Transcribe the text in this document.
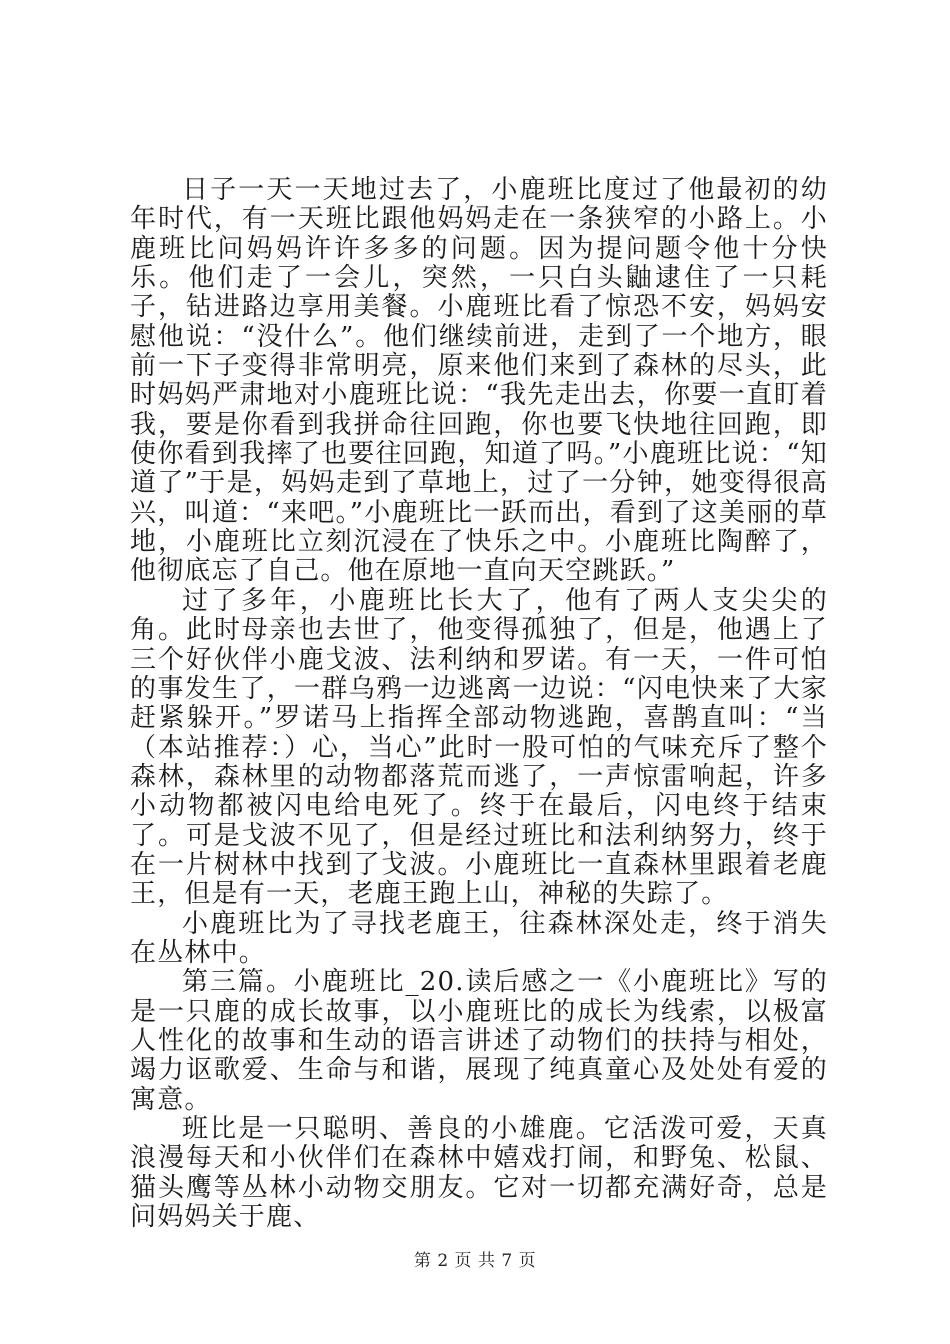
日子一天一天地过去了，小鹿班比度过了他最初的幼年时代，有一天班比跟他妈妈走在一条狭窄的小路上。小鹿班比问妈妈许许多多的问题。因为提问题令他十分快乐。他们走了一会儿，突然，一只白头鼬逮住了一只耗子，钻进路边享用美餐。小鹿班比看了惊恐不安，妈妈安慰他说：“没什么”。他们继续前进，走到了一个地方，眼前一下子变得非常明亮，原来他们来到了森林的尽头，此时妈妈严肃地对小鹿班比说：“我先走出去，你要一直盯着我，要是你看到我拼命往回跑，你也要飞快地往回跑，即使你看到我摔了也要往回跑，知道了吗。”小鹿班比说：“知道了”于是，妈妈走到了草地上，过了一分钟，她变得很高兴，叫道：“来吧。”小鹿班比一跃而出，看到了这美丽的草地，小鹿班比立刻沉浸在了快乐之中。小鹿班比陶醉了，他彻底忘了自己。他在原地一直向天空跳跃。”

过了多年，小鹿班比长大了，他有了两人支尖尖的角。此时母亲也去世了，他变得孤独了，但是，他遇上了三个好伙伴小鹿戈波、法利纳和罗诺。有一天，一件可怕的事发生了，一群乌鸦一边逃离一边说：“闪电快来了大家赶紧躲开。”罗诺马上指挥全部动物逃跑，喜鹊直叫：“当（本站推荐：）心，当心”此时一股可怕的气味充斥了整个森林，森林里的动物都落荒而逃了，一声惊雷响起，许多小动物都被闪电给电死了。终于在最后，闪电终于结束了。可是戈波不见了，但是经过班比和法利纳努力，终于在一片树林中找到了戈波。小鹿班比一直森林里跟着老鹿王，但是有一天，老鹿王跑上山，神秘的失踪了。

小鹿班比为了寻找老鹿王，往森林深处走，终于消失在丛林中。

第三篇。小鹿班比_20.读后感之一《小鹿班比》写的是一只鹿的成长故事，以小鹿班比的成长为线索，以极富人性化的故事和生动的语言讲述了动物们的扶持与相处，竭力讴歌爱、生命与和谐，展现了纯真童心及处处有爱的寓意。

班比是一只聪明、善良的小雄鹿。它活泼可爱，天真浪漫每天和小伙伴们在森林中嬉戏打闹，和野兔、松鼠、猫头鹰等丛林小动物交朋友。它对一切都充满好奇，总是问妈妈关于鹿、

第 2 页 共 7 页
